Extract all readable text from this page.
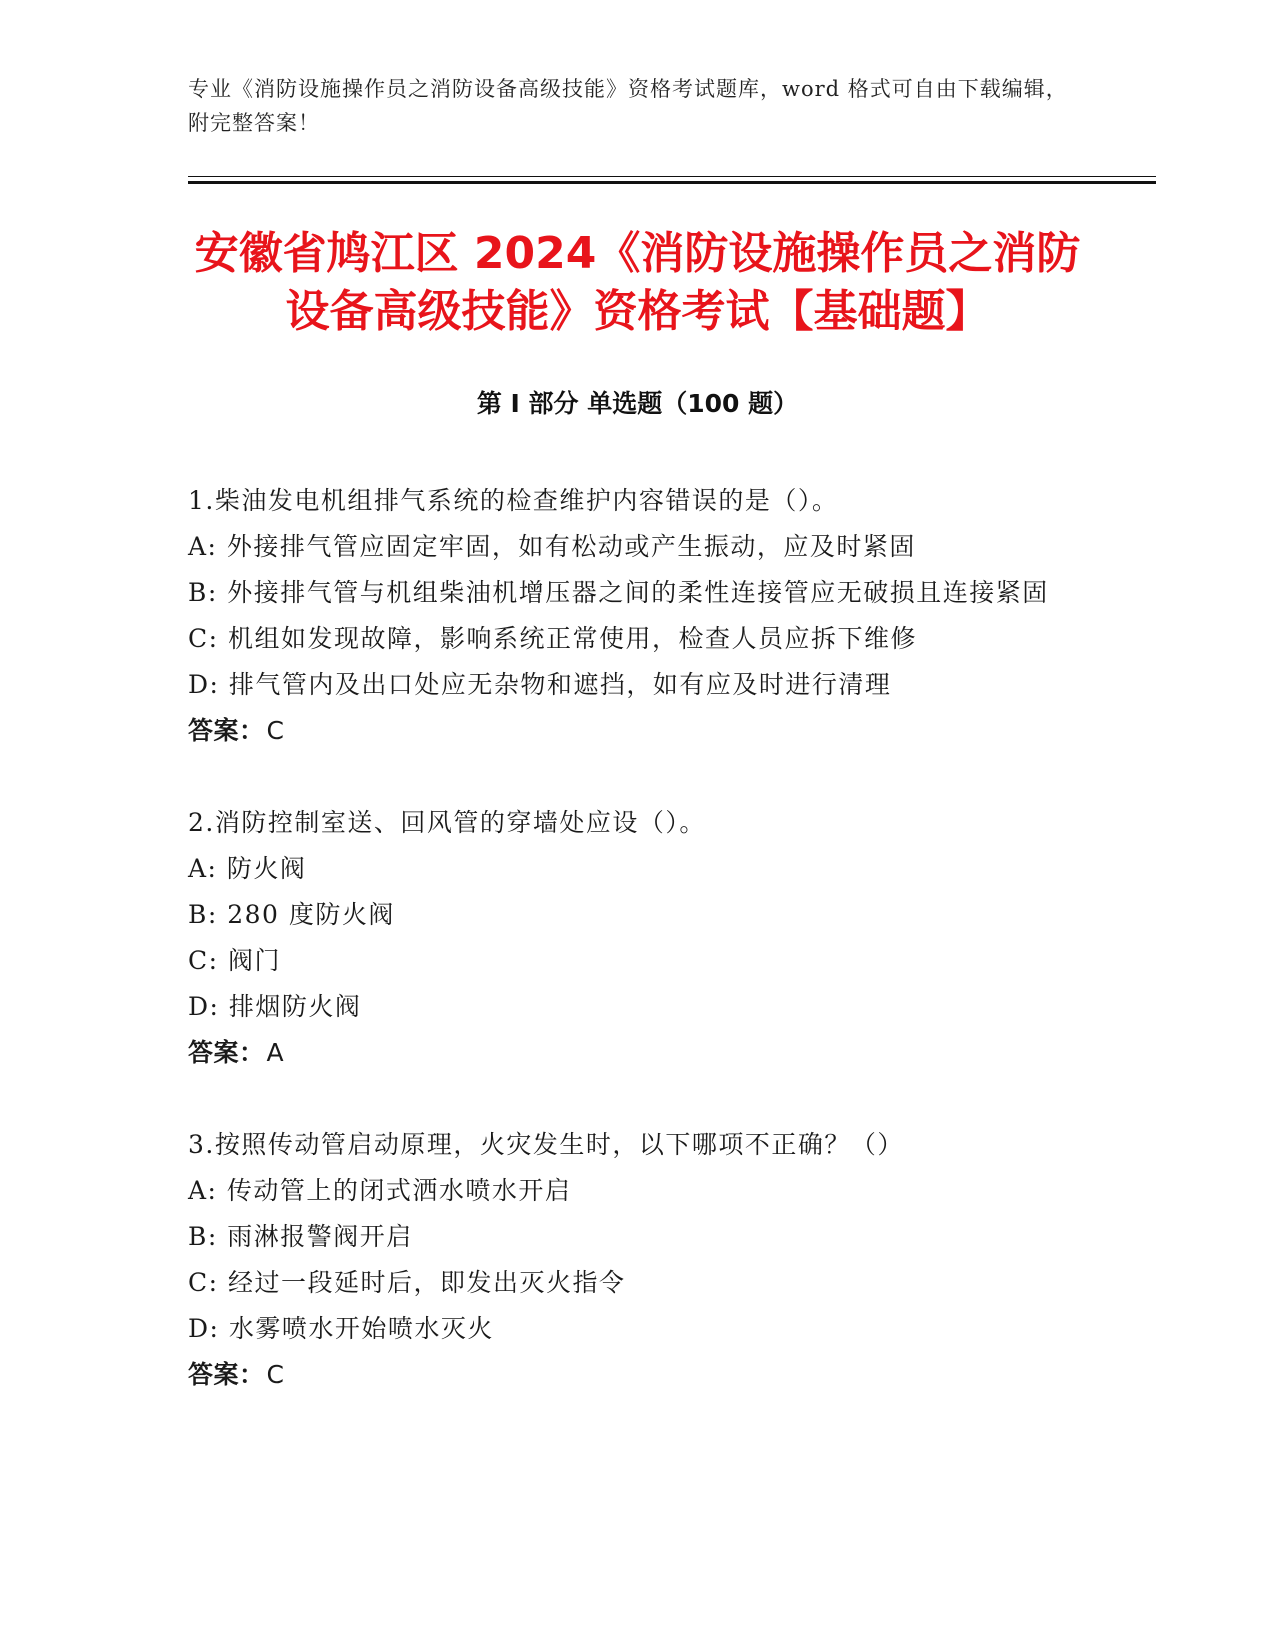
专业《消防设施操作员之消防设备高级技能》资格考试题库，word 格式可自由下载编辑，附完整答案！
安徽省鸠江区 2024《消防设施操作员之消防
设备高级技能》资格考试【基础题】
第 I 部分 单选题（100 题）

1.柴油发电机组排气系统的检查维护内容错误的是（）。

A: 外接排气管应固定牢固，如有松动或产生振动，应及时紧固

B: 外接排气管与机组柴油机增压器之间的柔性连接管应无破损且连接紧固

C: 机组如发现故障，影响系统正常使用，检查人员应拆下维修

D: 排气管内及出口处应无杂物和遮挡，如有应及时进行清理

答案：C

2.消防控制室送、回风管的穿墙处应设（）。

A: 防火阀

B: 280 度防火阀

C: 阀门

D: 排烟防火阀

答案：A

3.按照传动管启动原理，火灾发生时，以下哪项不正确？（）

A: 传动管上的闭式洒水喷水开启

B: 雨淋报警阀开启

C: 经过一段延时后，即发出灭火指令

D: 水雾喷水开始喷水灭火

答案：C
